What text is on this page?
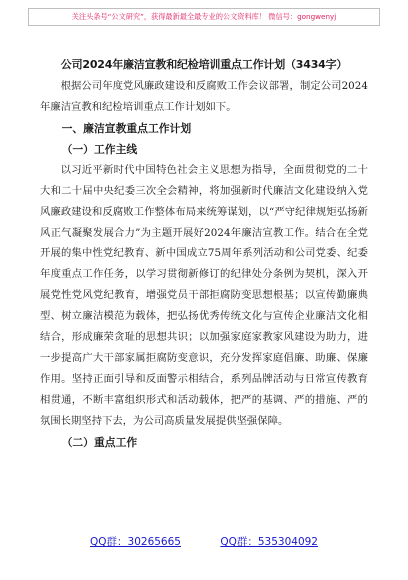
关注头条号“公文研究”，获得最新最全最专业的公文资料库！ 微信号：gongwenyj
公司2024年廉洁宣教和纪检培训重点工作计划（3434字）

根据公司年度党风廉政建设和反腐败工作会议部署，制定公司2024年廉洁宣教和纪检培训重点工作计划如下。

一、廉洁宣教重点工作计划

（一）工作主线

以习近平新时代中国特色社会主义思想为指导，全面贯彻党的二十大和二十届中央纪委三次全会精神，将加强新时代廉洁文化建设纳入党风廉政建设和反腐败工作整体布局来统筹谋划，以“严守纪律规矩弘扬新风正气凝聚发展合力”为主题开展好2024年廉洁宣教工作。结合在全党开展的集中性党纪教育、新中国成立75周年系列活动和公司党委、纪委年度重点工作任务，以学习贯彻新修订的纪律处分条例为契机，深入开展党性党风党纪教育，增强党员干部拒腐防变思想根基；以宣传勤廉典型、树立廉洁模范为载体，把弘扬优秀传统文化与宣传企业廉洁文化相结合，形成廉荣贪耻的思想共识；以加强家庭家教家风建设为助力，进一步提高广大干部家属拒腐防变意识，充分发挥家庭倡廉、助廉、保廉作用。坚持正面引导和反面警示相结合，系列品牌活动与日常宣传教育相贯通，不断丰富组织形式和活动载体，把严的基调、严的措施、严的氛围长期坚持下去，为公司高质量发展提供坚强保障。

（二）重点工作

QQ群：30265665	QQ群：535304092
